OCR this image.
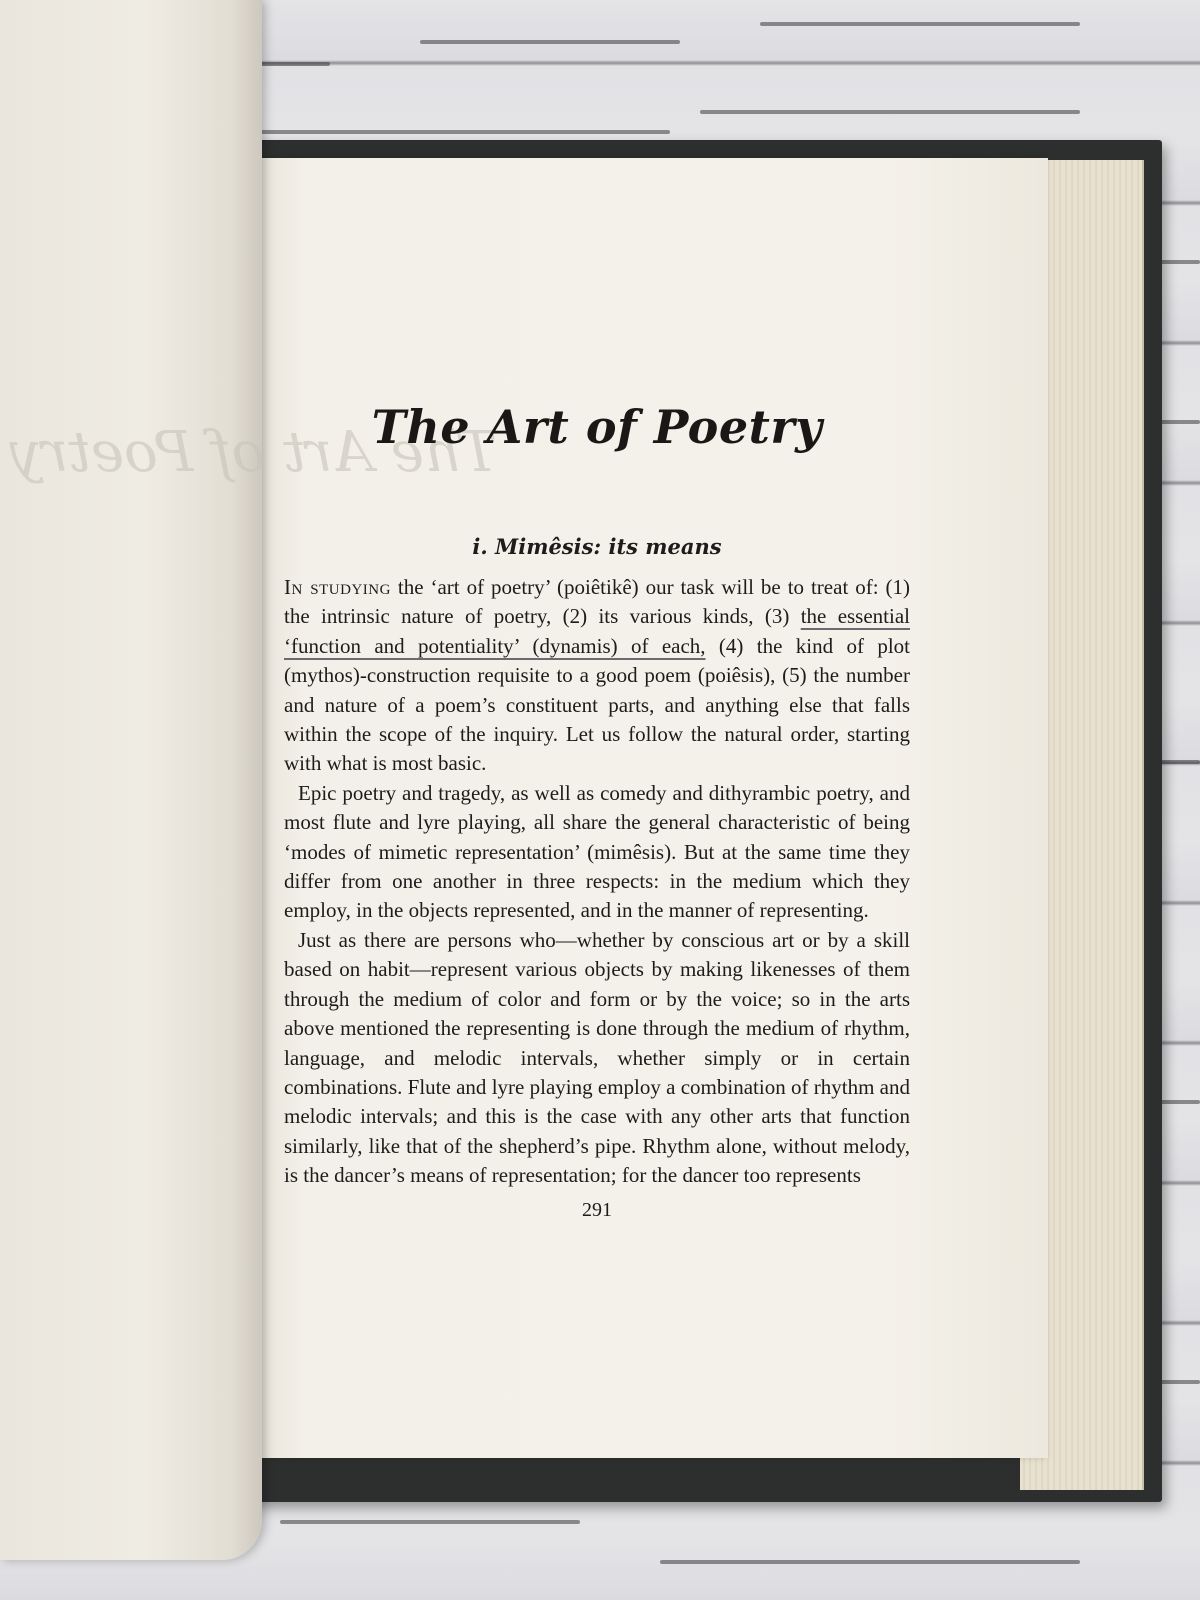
The Art of Poetry
The Art of Poetry
i. Mimêsis: its means

In studying the ‘art of poetry’ (poiêtikê) our task will be to treat of: (1) the intrinsic nature of poetry, (2) its various kinds, (3) the essential ‘function and potentiality’ (dynamis) of each, (4) the kind of plot (mythos)-construction requisite to a good poem (poiêsis), (5) the number and nature of a poem’s constituent parts, and anything else that falls within the scope of the inquiry. Let us follow the natural order, starting with what is most basic.

Epic poetry and tragedy, as well as comedy and dithyrambic poetry, and most flute and lyre playing, all share the general characteristic of being ‘modes of mimetic representation’ (mimêsis). But at the same time they differ from one another in three respects: in the medium which they employ, in the objects represented, and in the manner of representing.

Just as there are persons who—whether by conscious art or by a skill based on habit—represent various objects by making likenesses of them through the medium of color and form or by the voice; so in the arts above mentioned the representing is done through the medium of rhythm, language, and melodic intervals, whether simply or in certain combinations. Flute and lyre playing employ a combination of rhythm and melodic intervals; and this is the case with any other arts that function similarly, like that of the shepherd’s pipe. Rhythm alone, without melody, is the dancer’s means of representation; for the dancer too represents

291
